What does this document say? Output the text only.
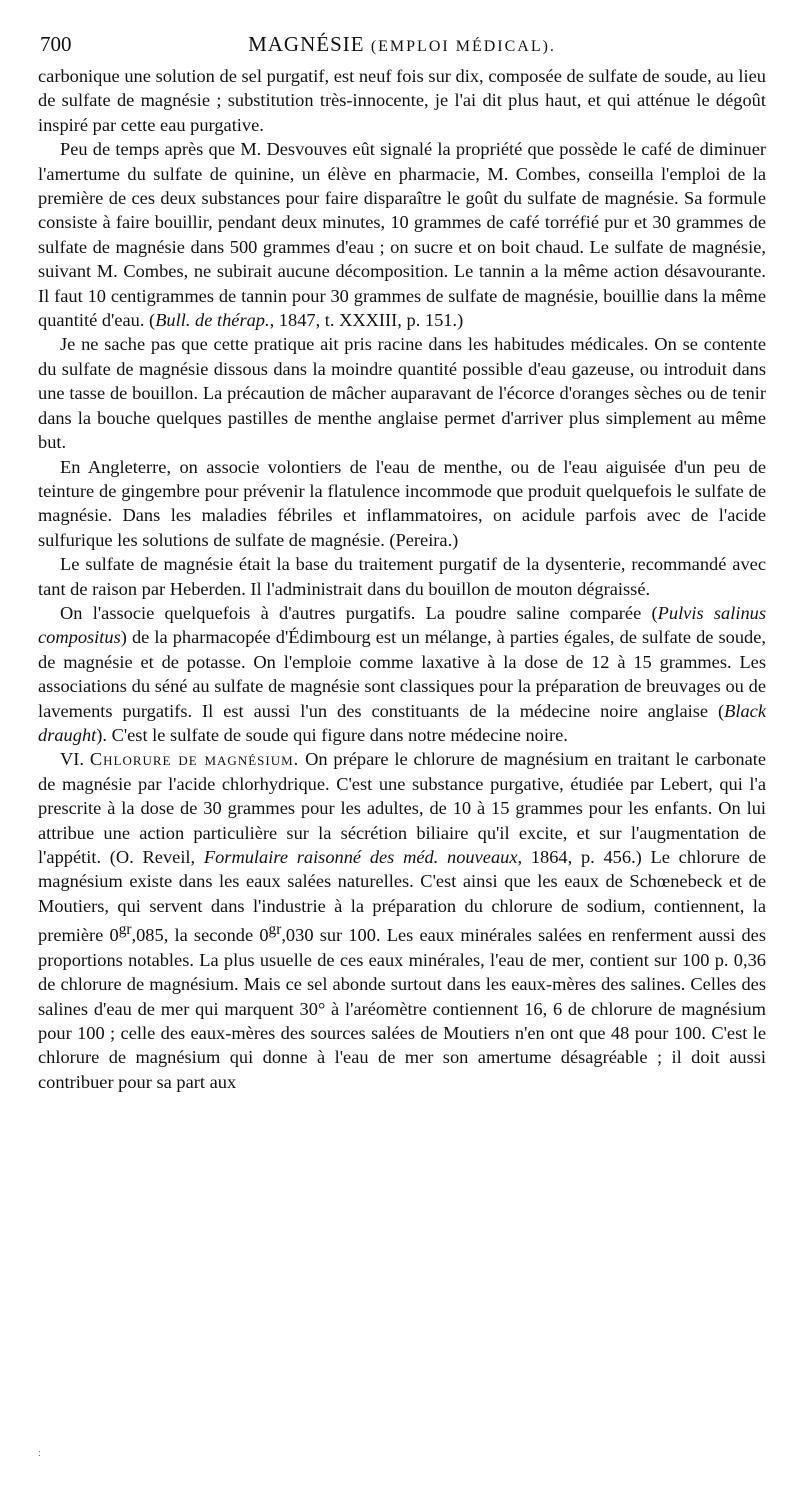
700	MAGNÉSIE (EMPLOI MÉDICAL).

carbonique une solution de sel purgatif, est neuf fois sur dix, composée de sulfate de soude, au lieu de sulfate de magnésie ; substitution très-innocente, je l'ai dit plus haut, et qui atténue le dégoût inspiré par cette eau purgative.

Peu de temps après que M. Desvouves eût signalé la propriété que possède le café de diminuer l'amertume du sulfate de quinine, un élève en pharmacie, M. Combes, conseilla l'emploi de la première de ces deux substances pour faire disparaître le goût du sulfate de magnésie. Sa formule consiste à faire bouillir, pendant deux minutes, 10 grammes de café torréfié pur et 30 grammes de sulfate de magnésie dans 500 grammes d'eau ; on sucre et on boit chaud. Le sulfate de magnésie, suivant M. Combes, ne subirait aucune décomposition. Le tannin a la même action désavourante. Il faut 10 centigrammes de tannin pour 30 grammes de sulfate de magnésie, bouillie dans la même quantité d'eau. (Bull. de thérap., 1847, t. XXXIII, p. 151.)

Je ne sache pas que cette pratique ait pris racine dans les habitudes médicales. On se contente du sulfate de magnésie dissous dans la moindre quantité possible d'eau gazeuse, ou introduit dans une tasse de bouillon. La précaution de mâcher auparavant de l'écorce d'oranges sèches ou de tenir dans la bouche quelques pastilles de menthe anglaise permet d'arriver plus simplement au même but.

En Angleterre, on associe volontiers de l'eau de menthe, ou de l'eau aiguisée d'un peu de teinture de gingembre pour prévenir la flatulence incommode que produit quelquefois le sulfate de magnésie. Dans les maladies fébriles et inflammatoires, on acidule parfois avec de l'acide sulfurique les solutions de sulfate de magnésie. (Pereira.)

Le sulfate de magnésie était la base du traitement purgatif de la dysenterie, recommandé avec tant de raison par Heberden. Il l'administrait dans du bouillon de mouton dégraissé.

On l'associe quelquefois à d'autres purgatifs. La poudre saline comparée (Pulvis salinus compositus) de la pharmacopée d'Édimbourg est un mélange, à parties égales, de sulfate de soude, de magnésie et de potasse. On l'emploie comme laxative à la dose de 12 à 15 grammes. Les associations du séné au sulfate de magnésie sont classiques pour la préparation de breuvages ou de lavements purgatifs. Il est aussi l'un des constituants de la médecine noire anglaise (Black draught). C'est le sulfate de soude qui figure dans notre médecine noire.

VI. Chlorure de magnésium. On prépare le chlorure de magnésium en traitant le carbonate de magnésie par l'acide chlorhydrique. C'est une substance purgative, étudiée par Lebert, qui l'a prescrite à la dose de 30 grammes pour les adultes, de 10 à 15 grammes pour les enfants. On lui attribue une action particulière sur la sécrétion biliaire qu'il excite, et sur l'augmentation de l'appétit. (O. Reveil, Formulaire raisonné des méd. nouveaux, 1864, p. 456.) Le chlorure de magnésium existe dans les eaux salées naturelles. C'est ainsi que les eaux de Schœnebeck et de Moutiers, qui servent dans l'industrie à la préparation du chlorure de sodium, contiennent, la première $0^{gr},085$, la seconde $0^{gr},030$ sur 100. Les eaux minérales salées en renferment aussi des proportions notables. La plus usuelle de ces eaux minérales, l'eau de mer, contient sur 100 p. 0,36 de chlorure de magnésium. Mais ce sel abonde surtout dans les eaux-mères des salines. Celles des salines d'eau de mer qui marquent 30° à l'aréomètre contiennent 16, 6 de chlorure de magnésium pour 100 ; celle des eaux-mères des sources salées de Moutiers n'en ont que 48 pour 100. C'est le chlorure de magnésium qui donne à l'eau de mer son amertume désagréable ; il doit aussi contribuer pour sa part aux

:
